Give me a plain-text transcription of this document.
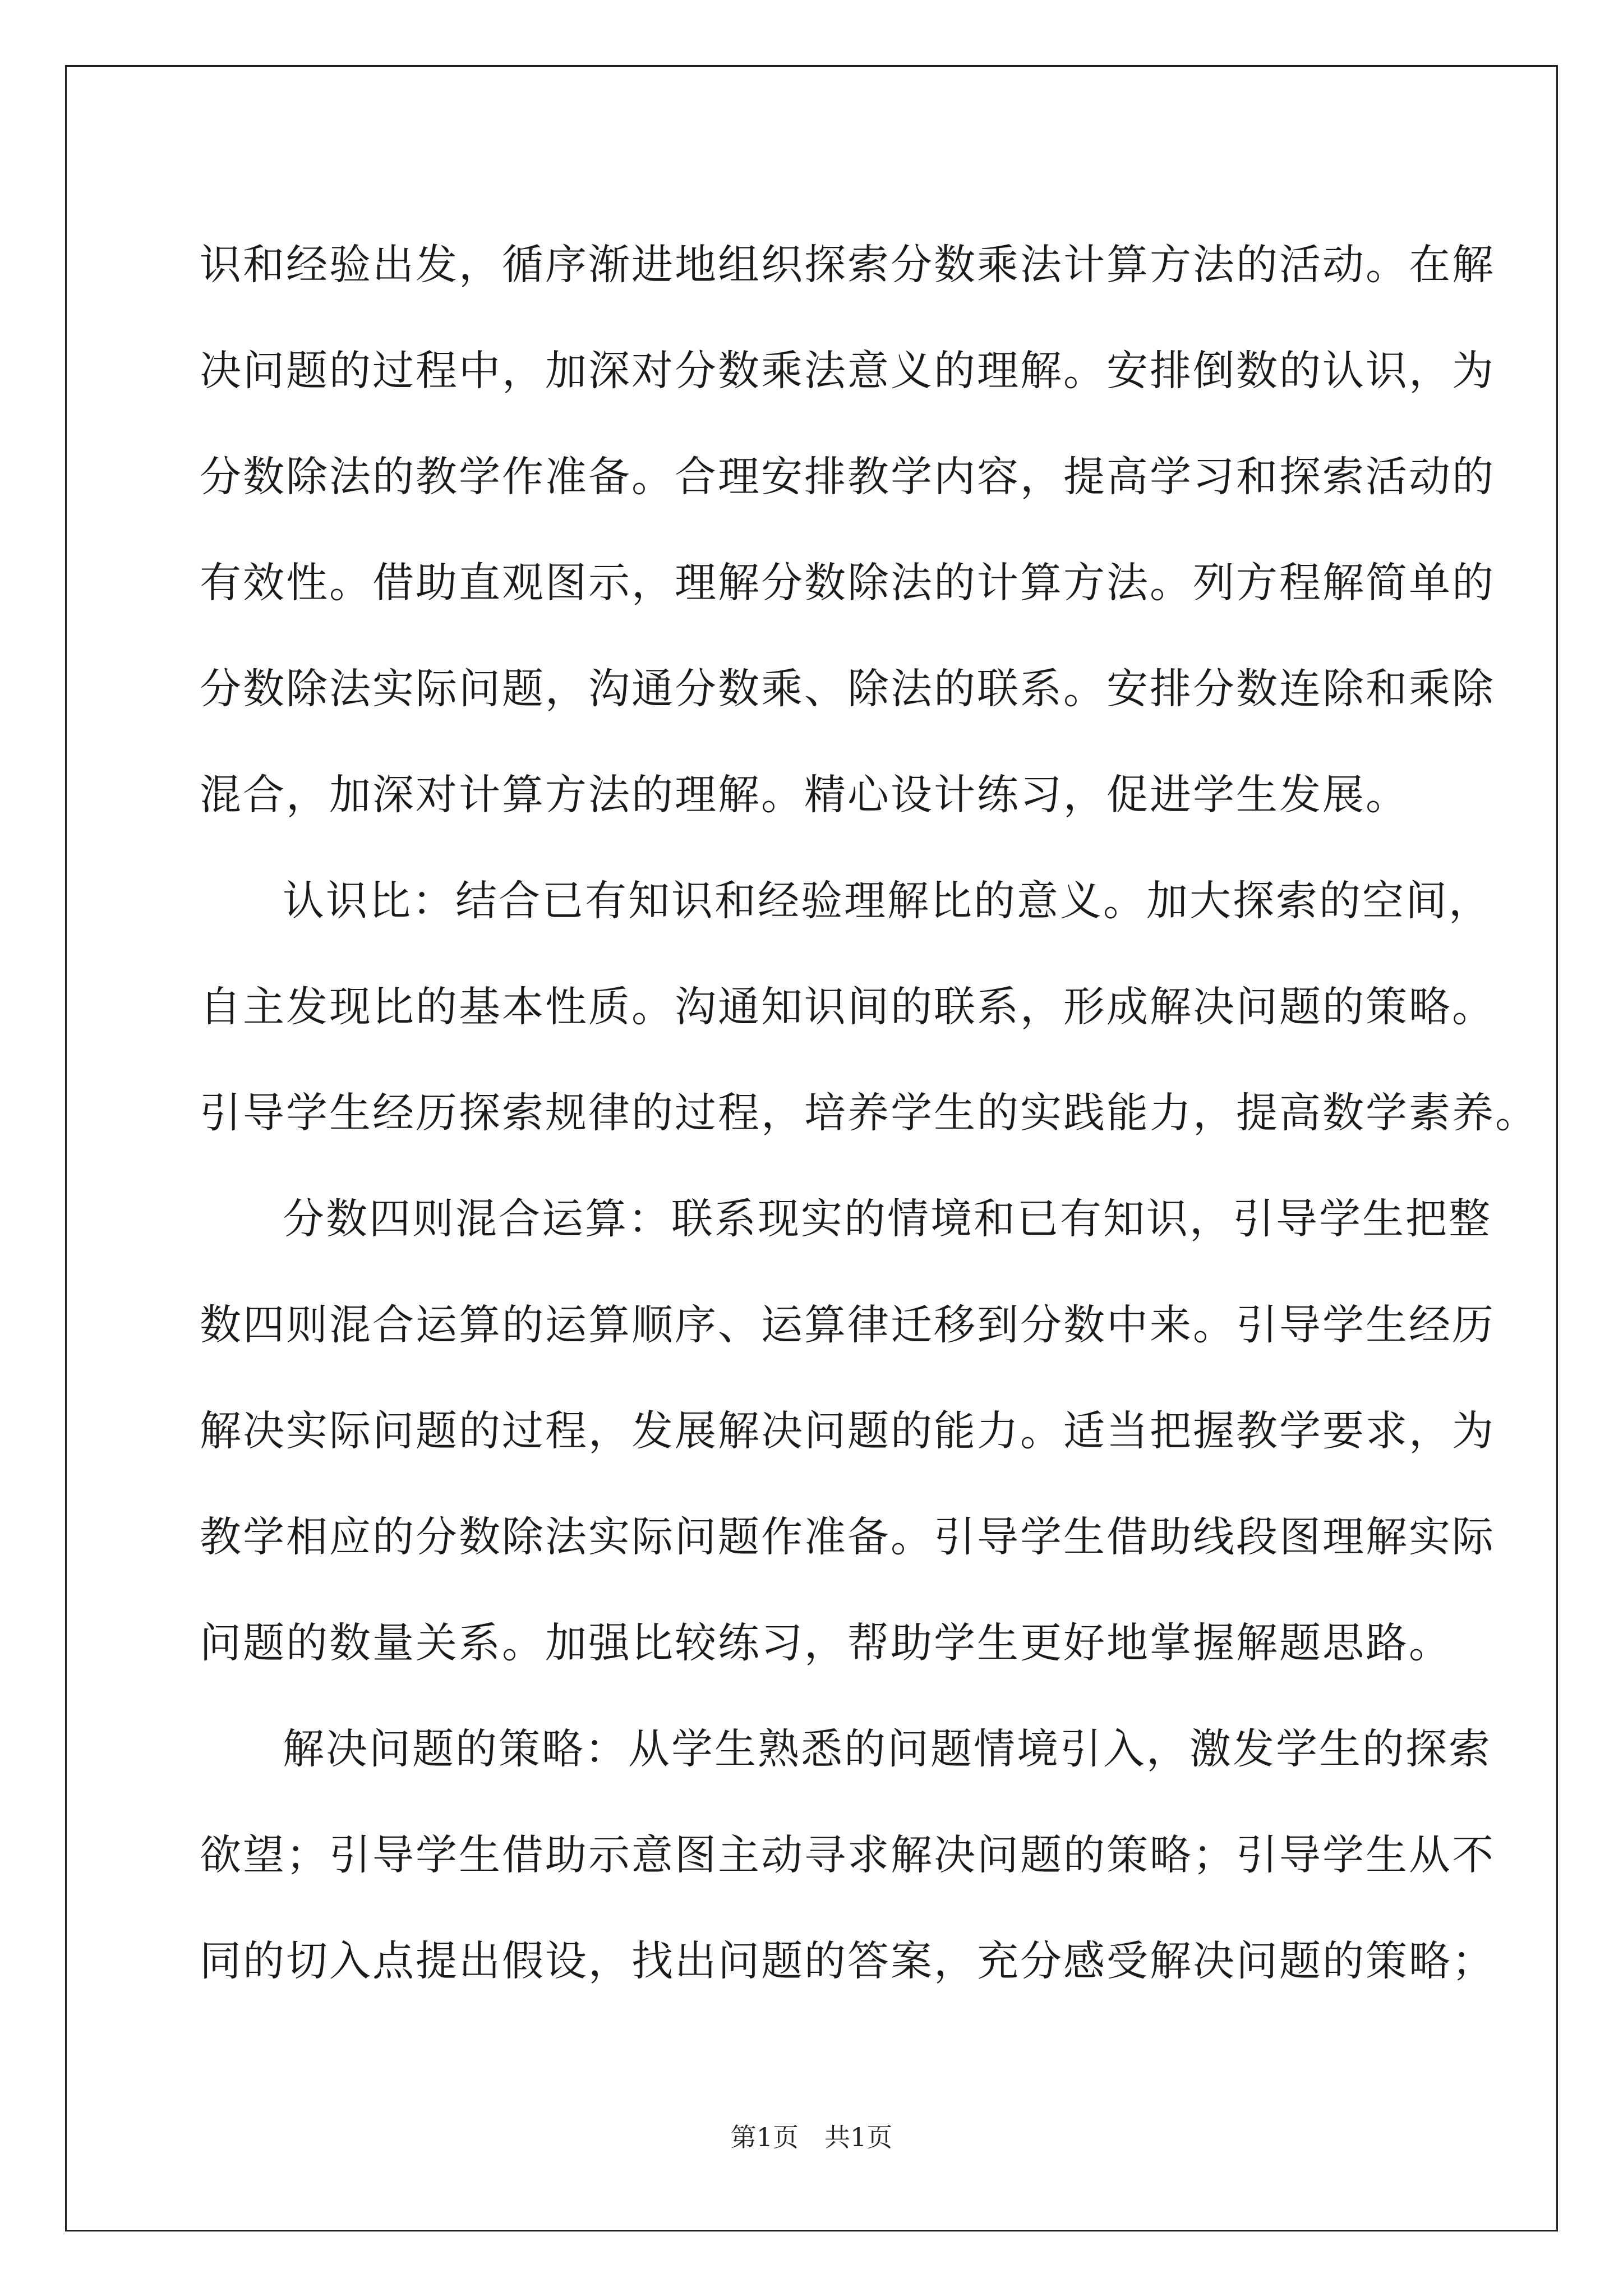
识和经验出发，循序渐进地组织探索分数乘法计算方法的活动。在解
决问题的过程中，加深对分数乘法意义的理解。安排倒数的认识，为
分数除法的教学作准备。合理安排教学内容，提高学习和探索活动的
有效性。借助直观图示，理解分数除法的计算方法。列方程解简单的
分数除法实际问题，沟通分数乘、除法的联系。安排分数连除和乘除
混合，加深对计算方法的理解。精心设计练习，促进学生发展。
认识比：结合已有知识和经验理解比的意义。加大探索的空间，
自主发现比的基本性质。沟通知识间的联系，形成解决问题的策略。
引导学生经历探索规律的过程，培养学生的实践能力，提高数学素养。
分数四则混合运算：联系现实的情境和已有知识，引导学生把整
数四则混合运算的运算顺序、运算律迁移到分数中来。引导学生经历
解决实际问题的过程，发展解决问题的能力。适当把握教学要求，为
教学相应的分数除法实际问题作准备。引导学生借助线段图理解实际
问题的数量关系。加强比较练习，帮助学生更好地掌握解题思路。
解决问题的策略：从学生熟悉的问题情境引入，激发学生的探索
欲望；引导学生借助示意图主动寻求解决问题的策略；引导学生从不
同的切入点提出假设，找出问题的答案，充分感受解决问题的策略；
第1页 共1页
